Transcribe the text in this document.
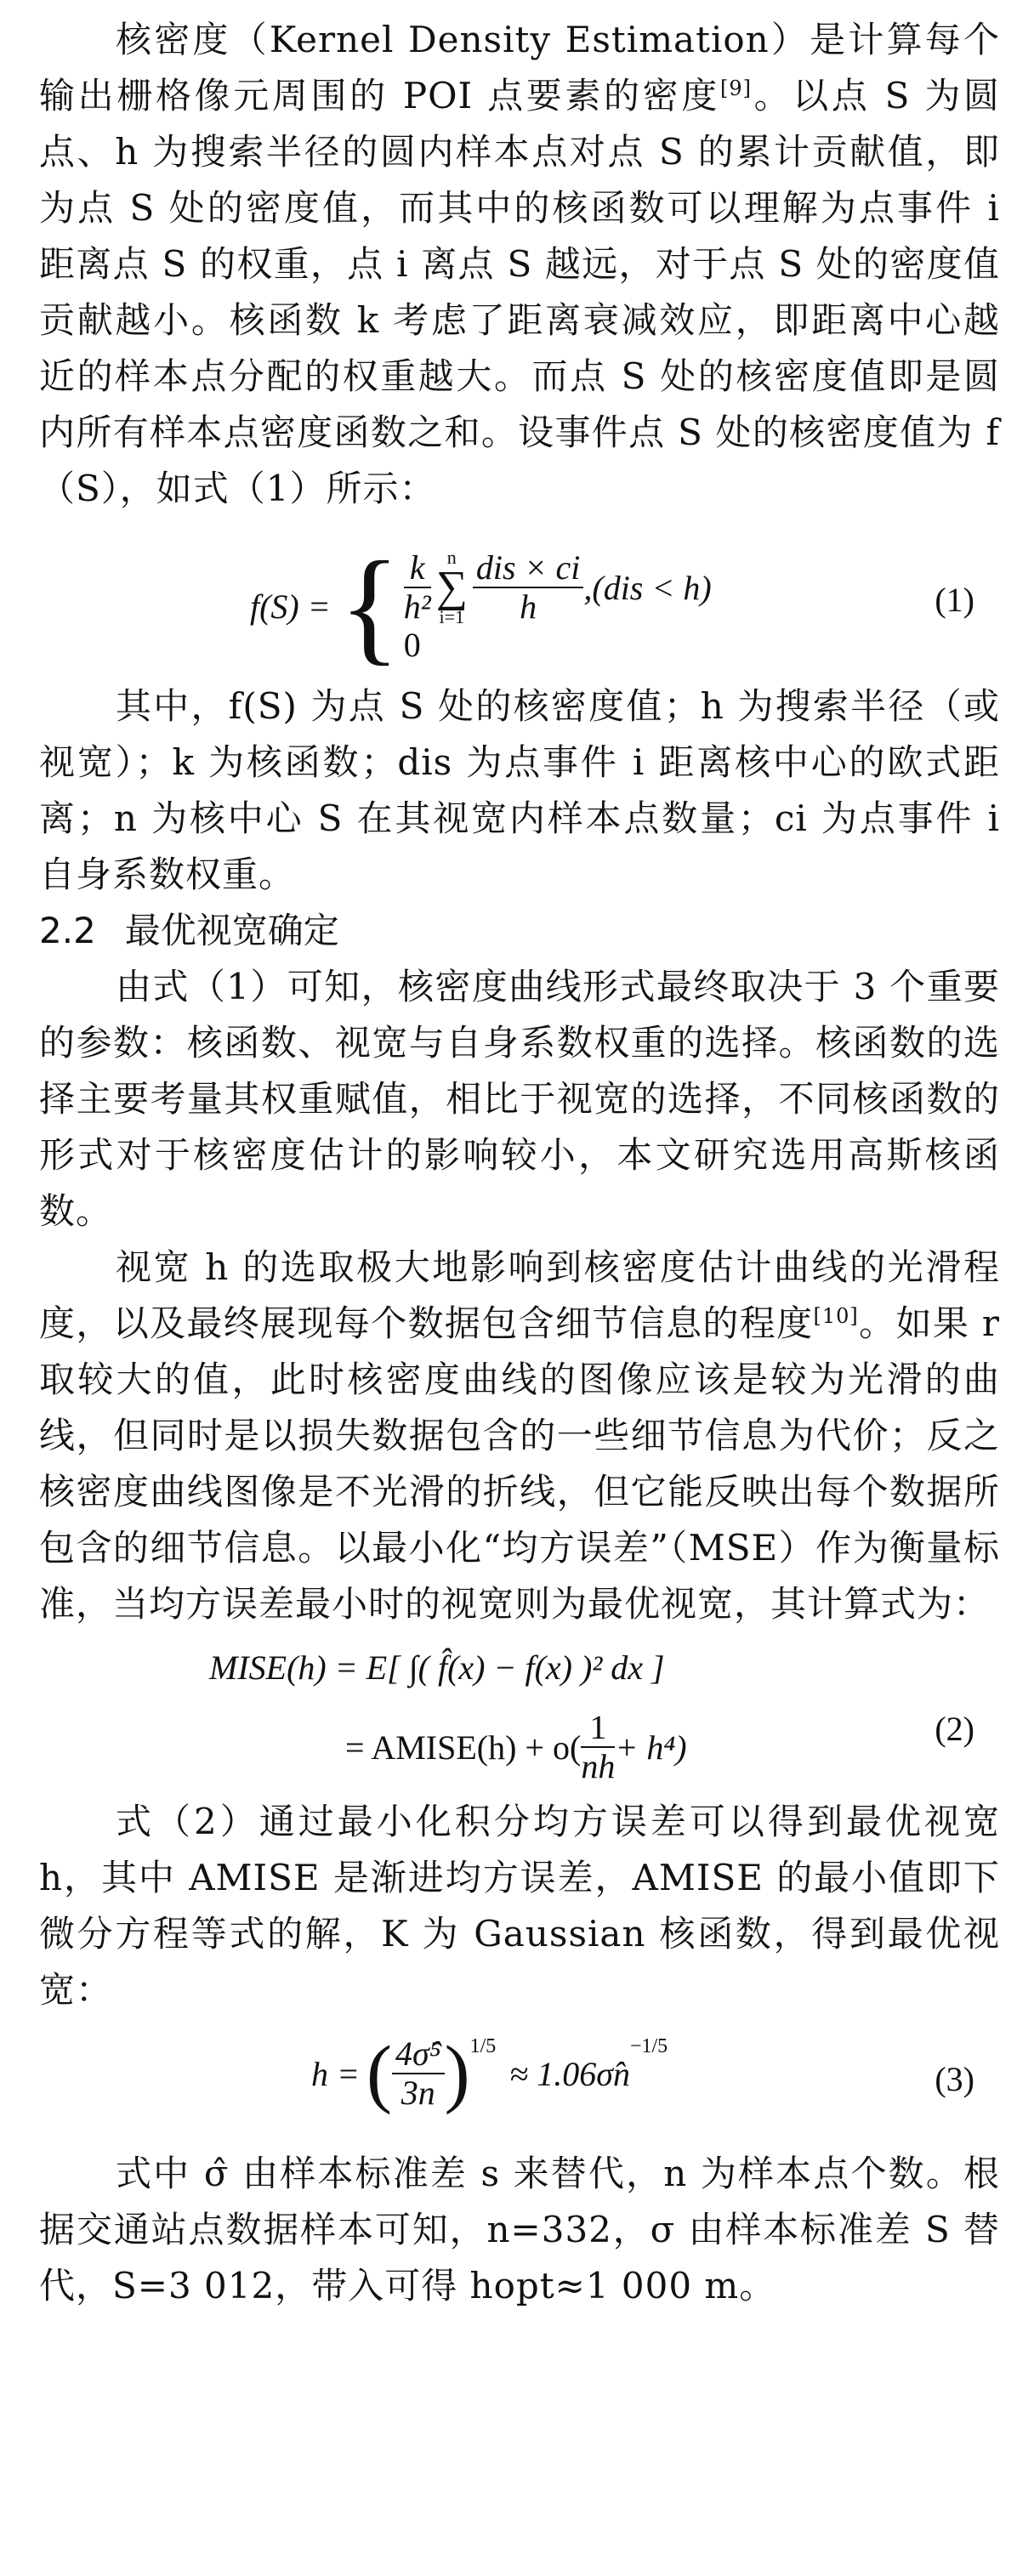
核密度（Kernel Density Estimation）是计算每个输出栅格像元周围的 POI 点要素的密度[9]。以点 S 为圆点、h 为搜索半径的圆内样本点对点 S 的累计贡献值，即为点 S 处的密度值，而其中的核函数可以理解为点事件 i 距离点 S 的权重，点 i 离点 S 越远，对于点 S 处的密度值贡献越小。核函数 k 考虑了距离衰减效应，即距离中心越近的样本点分配的权重越大。而点 S 处的核密度值即是圆内所有样本点密度函数之和。设事件点 S 处的核密度值为 f（S），如式（1）所示：

f(S) = { $\frac{k}{\text{h²}}$ n
∑
$i=1 \frac{\text{dis × ci}}{h} ,(dis < h)$
0
(1)

其中，f(S) 为点 S 处的核密度值；h 为搜索半径（或视宽）；k 为核函数；dis 为点事件 i 距离核中心的欧式距离；n 为核中心 S 在其视宽内样本点数量；ci 为点事件 i 自身系数权重。

2.2 最优视宽确定

由式（1）可知，核密度曲线形式最终取决于 3 个重要的参数：核函数、视宽与自身系数权重的选择。核函数的选择主要考量其权重赋值，相比于视宽的选择，不同核函数的形式对于核密度估计的影响较小，本文研究选用高斯核函数。

视宽 h 的选取极大地影响到核密度估计曲线的光滑程度，以及最终展现每个数据包含细节信息的程度[10]。如果 r 取较大的值，此时核密度曲线的图像应该是较为光滑的曲线，但同时是以损失数据包含的一些细节信息为代价；反之核密度曲线图像是不光滑的折线，但它能反映出每个数据所包含的细节信息。以最小化“均方误差”（MSE）作为衡量标准，当均方误差最小时的视宽则为最优视宽，其计算式为：

MISE(h) = E[ ∫( f̂(x) − f(x) )² dx ]
= AMISE(h) + $o( \frac{1}{nh} + h^4)$	(2)

式（2）通过最小化积分均方误差可以得到最优视宽 h，其中 AMISE 是渐进均方误差，AMISE 的最小值即下微分方程等式的解，K 为 Gaussian 核函数，得到最优视宽：

h = ( $\frac{\text{4σ̂⁵}}{3n}$ ) 1/5
≈ 1.06σ̂n
−1/5
(3)

式中 σ̂ 由样本标准差 s 来替代，n 为样本点个数。根据交通站点数据样本可知，n=332，σ 由样本标准差 S 替代，S=3 012，带入可得 hopt≈1 000 m。
